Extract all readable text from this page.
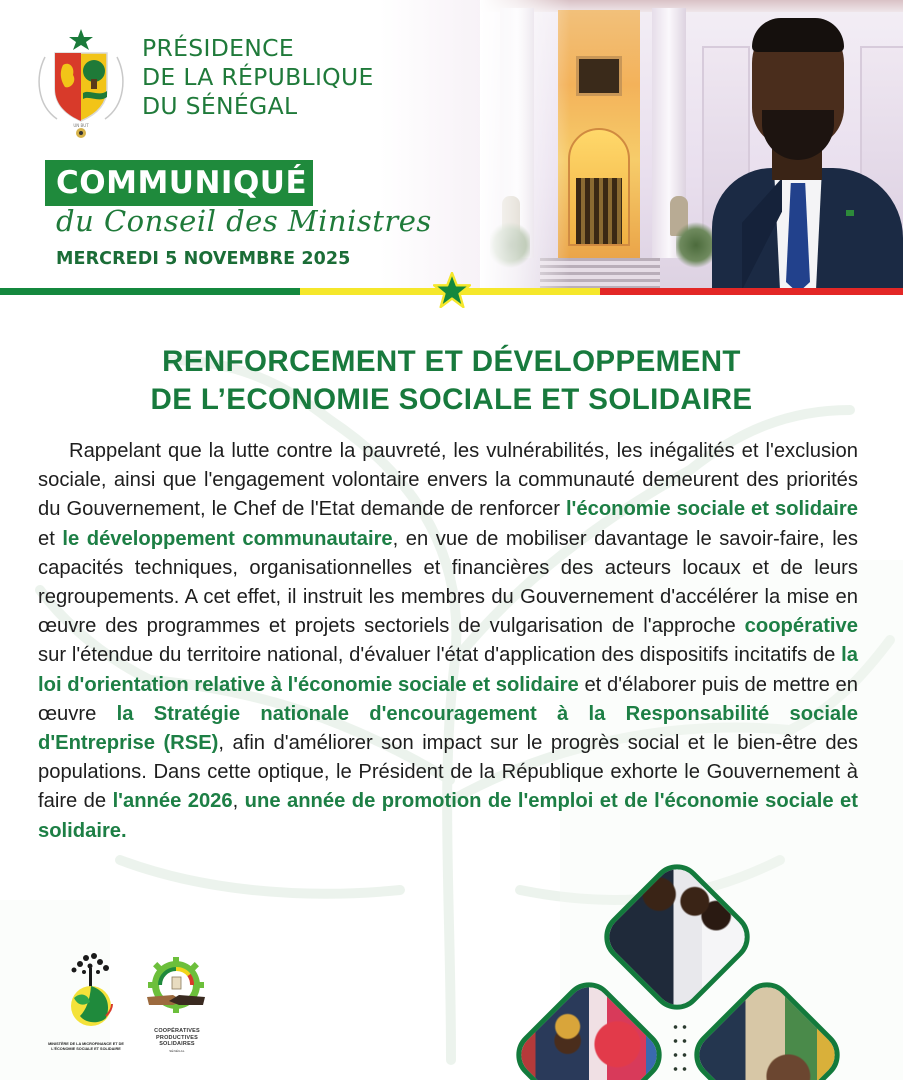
UN BUT
PRÉSIDENCE
DE LA RÉPUBLIQUE
DU SÉNÉGAL
COMMUNIQUÉ
du Conseil des Ministres
MERCREDI 5 NOVEMBRE 2025
RENFORCEMENT ET DÉVELOPPEMENT
DE L’ECONOMIE SOCIALE ET SOLIDAIRE

Rappelant que la lutte contre la pauvreté, les vulnérabilités, les inégalités et l'exclusion sociale, ainsi que l'engagement volontaire envers la communauté demeurent des priorités du Gouvernement, le Chef de l'Etat demande de renforcer l'économie sociale et solidaire et le développement communautaire, en vue de mobiliser davantage le savoir-faire, les capacités techniques, organisationnelles et financières des acteurs locaux et de leurs regroupements. A cet effet, il instruit les membres du Gouvernement d'accélérer la mise en œuvre des programmes et projets sectoriels de vulgarisation de l'approche coopérative sur l'étendue du territoire national, d'évaluer l'état d'application des dispositifs incitatifs de la loi d'orientation relative à l'économie sociale et solidaire et d'élaborer puis de mettre en œuvre la Stratégie nationale d'encouragement à la Responsabilité sociale d'Entreprise (RSE), afin d'améliorer son impact sur le progrès social et le bien-être des populations. Dans cette optique, le Président de la République exhorte le Gouvernement à faire de l'année 2026, une année de promotion de l'emploi et de l'économie sociale et solidaire.

MINISTÈRE DE LA MICROFINANCE ET DE L'ÉCONOMIE SOCIALE ET SOLIDAIRE
COOPÉRATIVES
PRODUCTIVES
SOLIDAIRES
SÉNÉGAL
